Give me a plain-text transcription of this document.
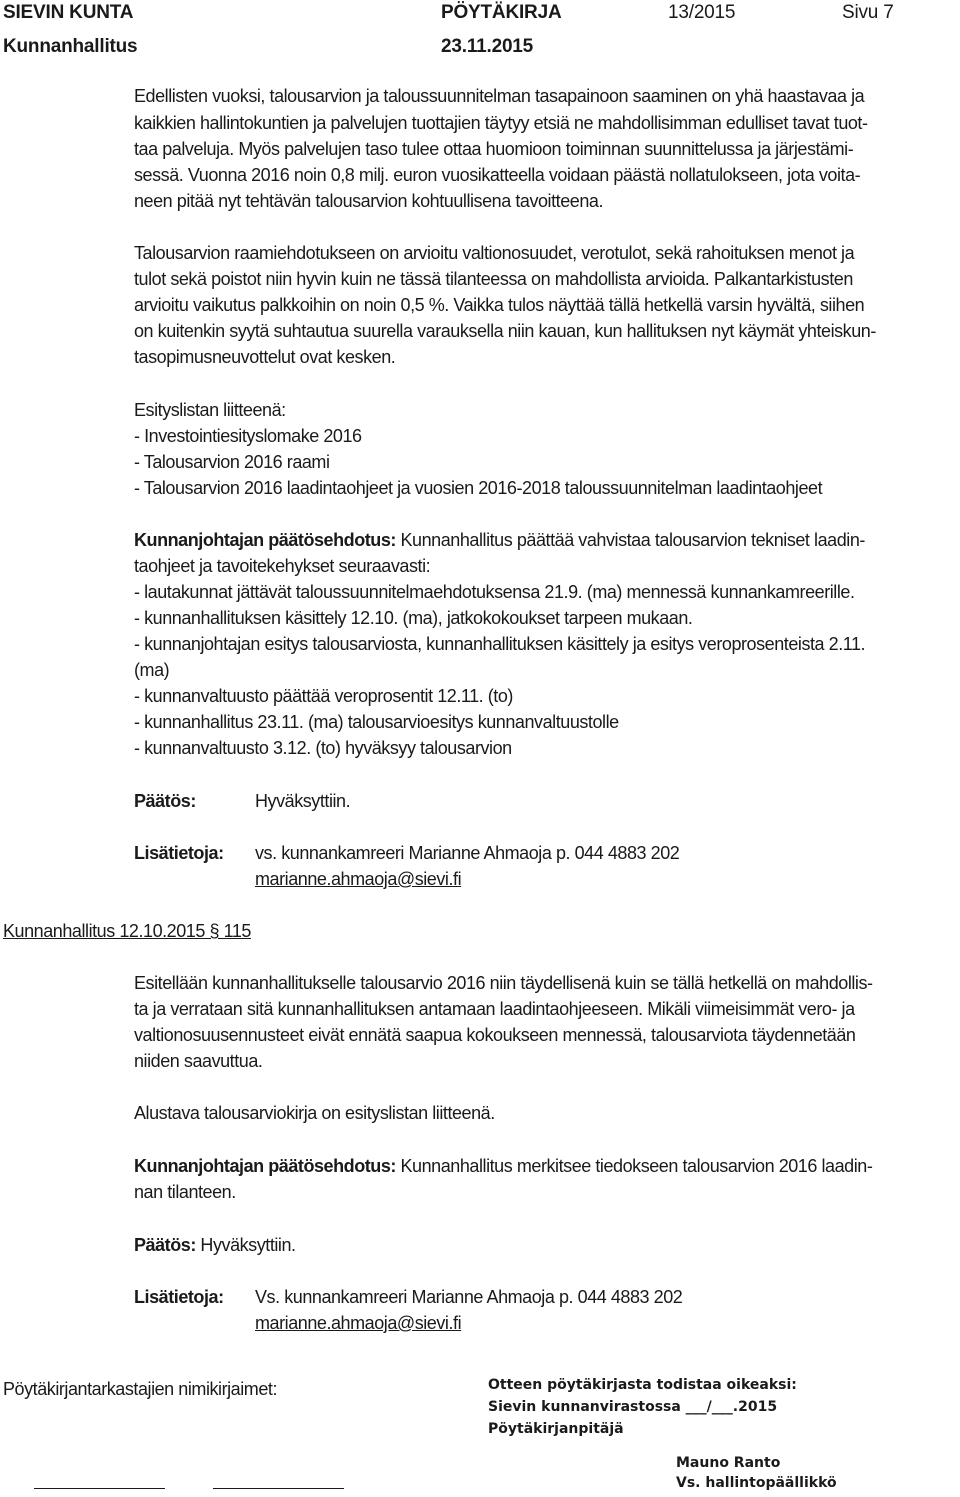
SIEVIN KUNTA	PÖYTÄKIRJA	13/2015	Sivu 7
Kunnanhallitus	23.11.2015
Edellisten vuoksi, talousarvion ja taloussuunnitelman tasapainoon saaminen on yhä haastavaa ja
kaikkien hallintokuntien ja palvelujen tuottajien täytyy etsiä ne mahdollisimman edulliset tavat tuot-
taa palveluja. Myös palvelujen taso tulee ottaa huomioon toiminnan suunnittelussa ja järjestämi-
sessä. Vuonna 2016 noin 0,8 milj. euron vuosikatteella voidaan päästä nollatulokseen, jota voita-
neen pitää nyt tehtävän talousarvion kohtuullisena tavoitteena.
Talousarvion raamiehdotukseen on arvioitu valtionosuudet, verotulot, sekä rahoituksen menot ja
tulot sekä poistot niin hyvin kuin ne tässä tilanteessa on mahdollista arvioida. Palkantarkistusten
arvioitu vaikutus palkkoihin on noin 0,5 %. Vaikka tulos näyttää tällä hetkellä varsin hyvältä, siihen
on kuitenkin syytä suhtautua suurella varauksella niin kauan, kun hallituksen nyt käymät yhteiskun-
tasopimusneuvottelut ovat kesken.
Esityslistan liitteenä:
- Investointiesityslomake 2016
- Talousarvion 2016 raami
- Talousarvion 2016 laadintaohjeet ja vuosien 2016-2018 taloussuunnitelman laadintaohjeet
Kunnanjohtajan päätösehdotus: Kunnanhallitus päättää vahvistaa talousarvion tekniset laadin-
taohjeet ja tavoitekehykset seuraavasti:
- lautakunnat jättävät taloussuunnitelmaehdotuksensa 21.9. (ma) mennessä kunnankamreerille.
- kunnanhallituksen käsittely 12.10. (ma), jatkokokoukset tarpeen mukaan.
- kunnanjohtajan esitys talousarviosta, kunnanhallituksen käsittely ja esitys veroprosenteista 2.11.
(ma)
- kunnanvaltuusto päättää veroprosentit 12.11. (to)
- kunnanhallitus 23.11. (ma) talousarvioesitys kunnanvaltuustolle
- kunnanvaltuusto 3.12. (to) hyväksyy talousarvion
Päätös:	Hyväksyttiin.
Lisätietoja: vs. kunnankamreeri Marianne Ahmaoja p. 044 4883 202
marianne.ahmaoja@sievi.fi
Kunnanhallitus 12.10.2015 § 115
Esitellään kunnanhallitukselle talousarvio 2016 niin täydellisenä kuin se tällä hetkellä on mahdollis-
ta ja verrataan sitä kunnanhallituksen antamaan laadintaohjeeseen. Mikäli viimeisimmät vero- ja
valtionosuusennusteet eivät ennätä saapua kokoukseen mennessä, talousarviota täydennetään
niiden saavuttua.
Alustava talousarviokirja on esityslistan liitteenä.
Kunnanjohtajan päätösehdotus: Kunnanhallitus merkitsee tiedokseen talousarvion 2016 laadin-
nan tilanteen.
Päätös: Hyväksyttiin.
Lisätietoja: Vs. kunnankamreeri Marianne Ahmaoja p. 044 4883 202
marianne.ahmaoja@sievi.fi
Pöytäkirjantarkastajien nimikirjaimet:	Otteen pöytäkirjasta todistaa oikeaksi:
Sievin kunnanvirastossa ___/___.2015
Pöytäkirjanpitäjä
Mauno Ranto
Vs. hallintopäällikkö
